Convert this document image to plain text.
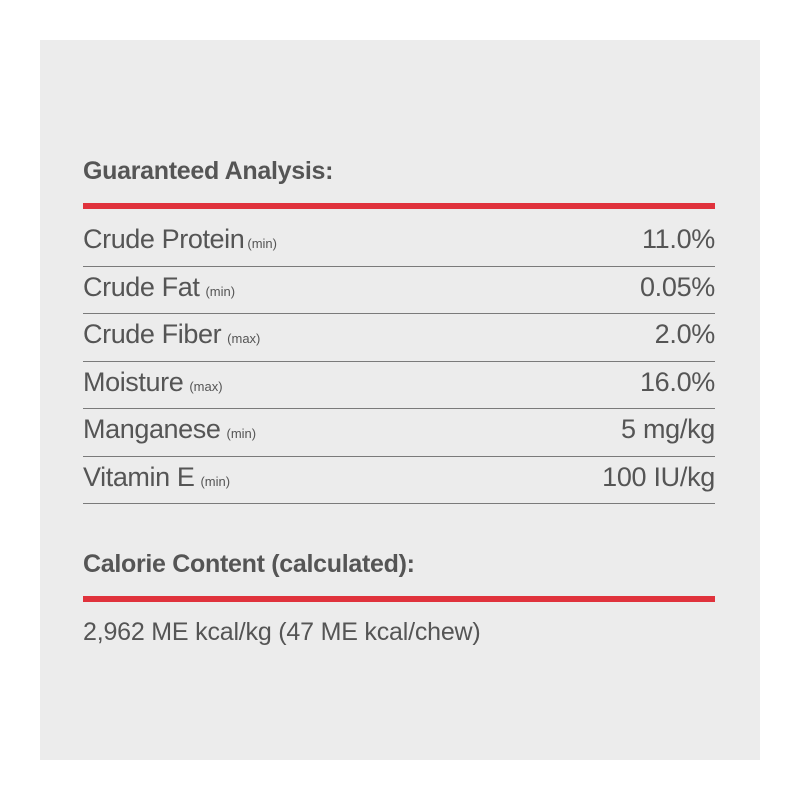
Guaranteed Analysis:
Crude Protein (min)	11.0%
Crude Fat (min)	0.05%
Crude Fiber (max)	2.0%
Moisture (max)	16.0%
Manganese (min)	5 mg/kg
Vitamin E (min)	100 IU/kg
Calorie Content (calculated):
2,962 ME kcal/kg (47 ME kcal/chew)
